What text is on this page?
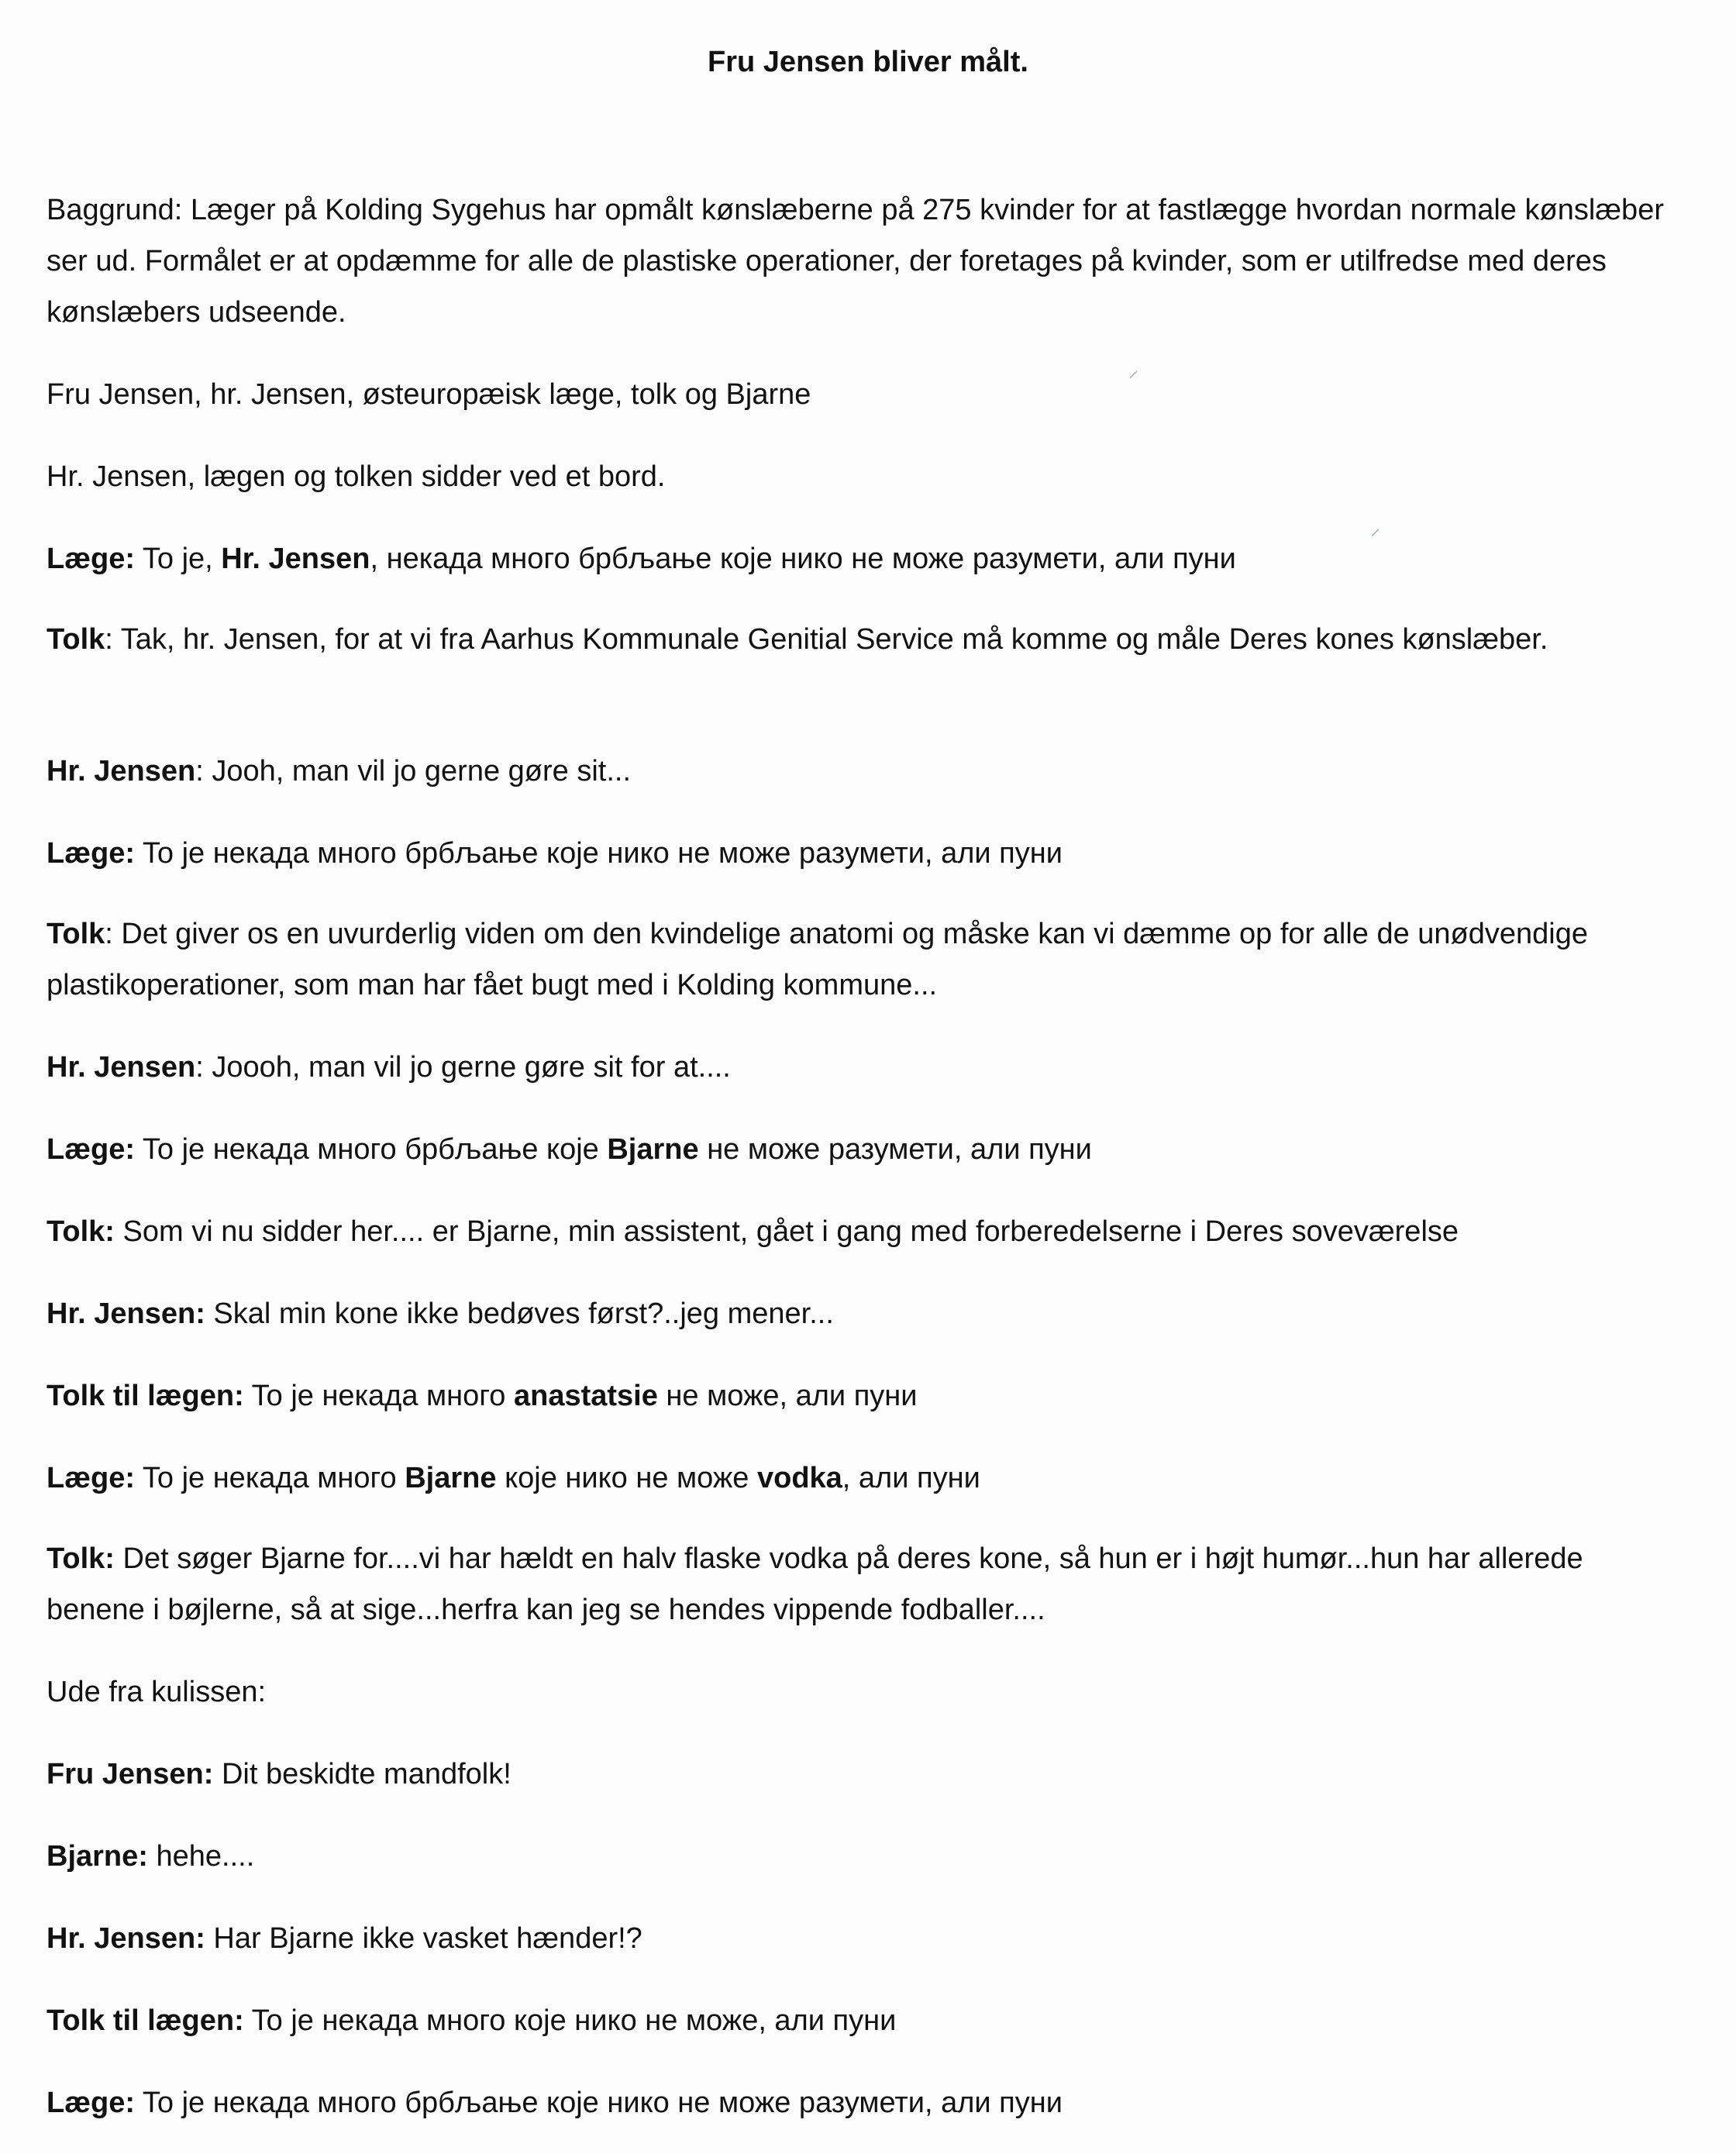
Fru Jensen bliver målt.

Baggrund: Læger på Kolding Sygehus har opmålt kønslæberne på 275 kvinder for at fastlægge hvordan normale kønslæber ser ud. Formålet er at opdæmme for alle de plastiske operationer, der foretages på kvinder, som er utilfredse med deres kønslæbers udseende.

Fru Jensen, hr. Jensen, østeuropæisk læge, tolk og Bjarne

Hr. Jensen, lægen og tolken sidder ved et bord.

Læge: To je, Hr. Jensen, некада много брбљање које нико не може разумети, али пуни

Tolk: Tak, hr. Jensen, for at vi fra Aarhus Kommunale Genitial Service må komme og måle Deres kones kønslæber.

Hr. Jensen: Jooh, man vil jo gerne gøre sit...

Læge: To je некада много брбљање које нико не може разумети, али пуни

Tolk: Det giver os en uvurderlig viden om den kvindelige anatomi og måske kan vi dæmme op for alle de unødvendige plastikoperationer, som man har fået bugt med i Kolding kommune...

Hr. Jensen: Joooh, man vil jo gerne gøre sit for at....

Læge: To je некада много брбљање које Bjarne не може разумети, али пуни

Tolk: Som vi nu sidder her.... er Bjarne, min assistent, gået i gang med forberedelserne i Deres soveværelse

Hr. Jensen: Skal min kone ikke bedøves først?..jeg mener...

Tolk til lægen: To je некада много anastatsie не може, али пуни

Læge: To je некада много Bjarne које нико не може vodka, али пуни

Tolk: Det søger Bjarne for....vi har hældt en halv flaske vodka på deres kone, så hun er i højt humør...hun har allerede benene i bøjlerne, så at sige...herfra kan jeg se hendes vippende fodballer....

Ude fra kulissen:

Fru Jensen: Dit beskidte mandfolk!

Bjarne: hehe....

Hr. Jensen: Har Bjarne ikke vasket hænder!?

Tolk til lægen: To je некада много које нико не може, али пуни

Læge: To je некада много брбљање које нико не може разумети, али пуни

⸝
⸝
